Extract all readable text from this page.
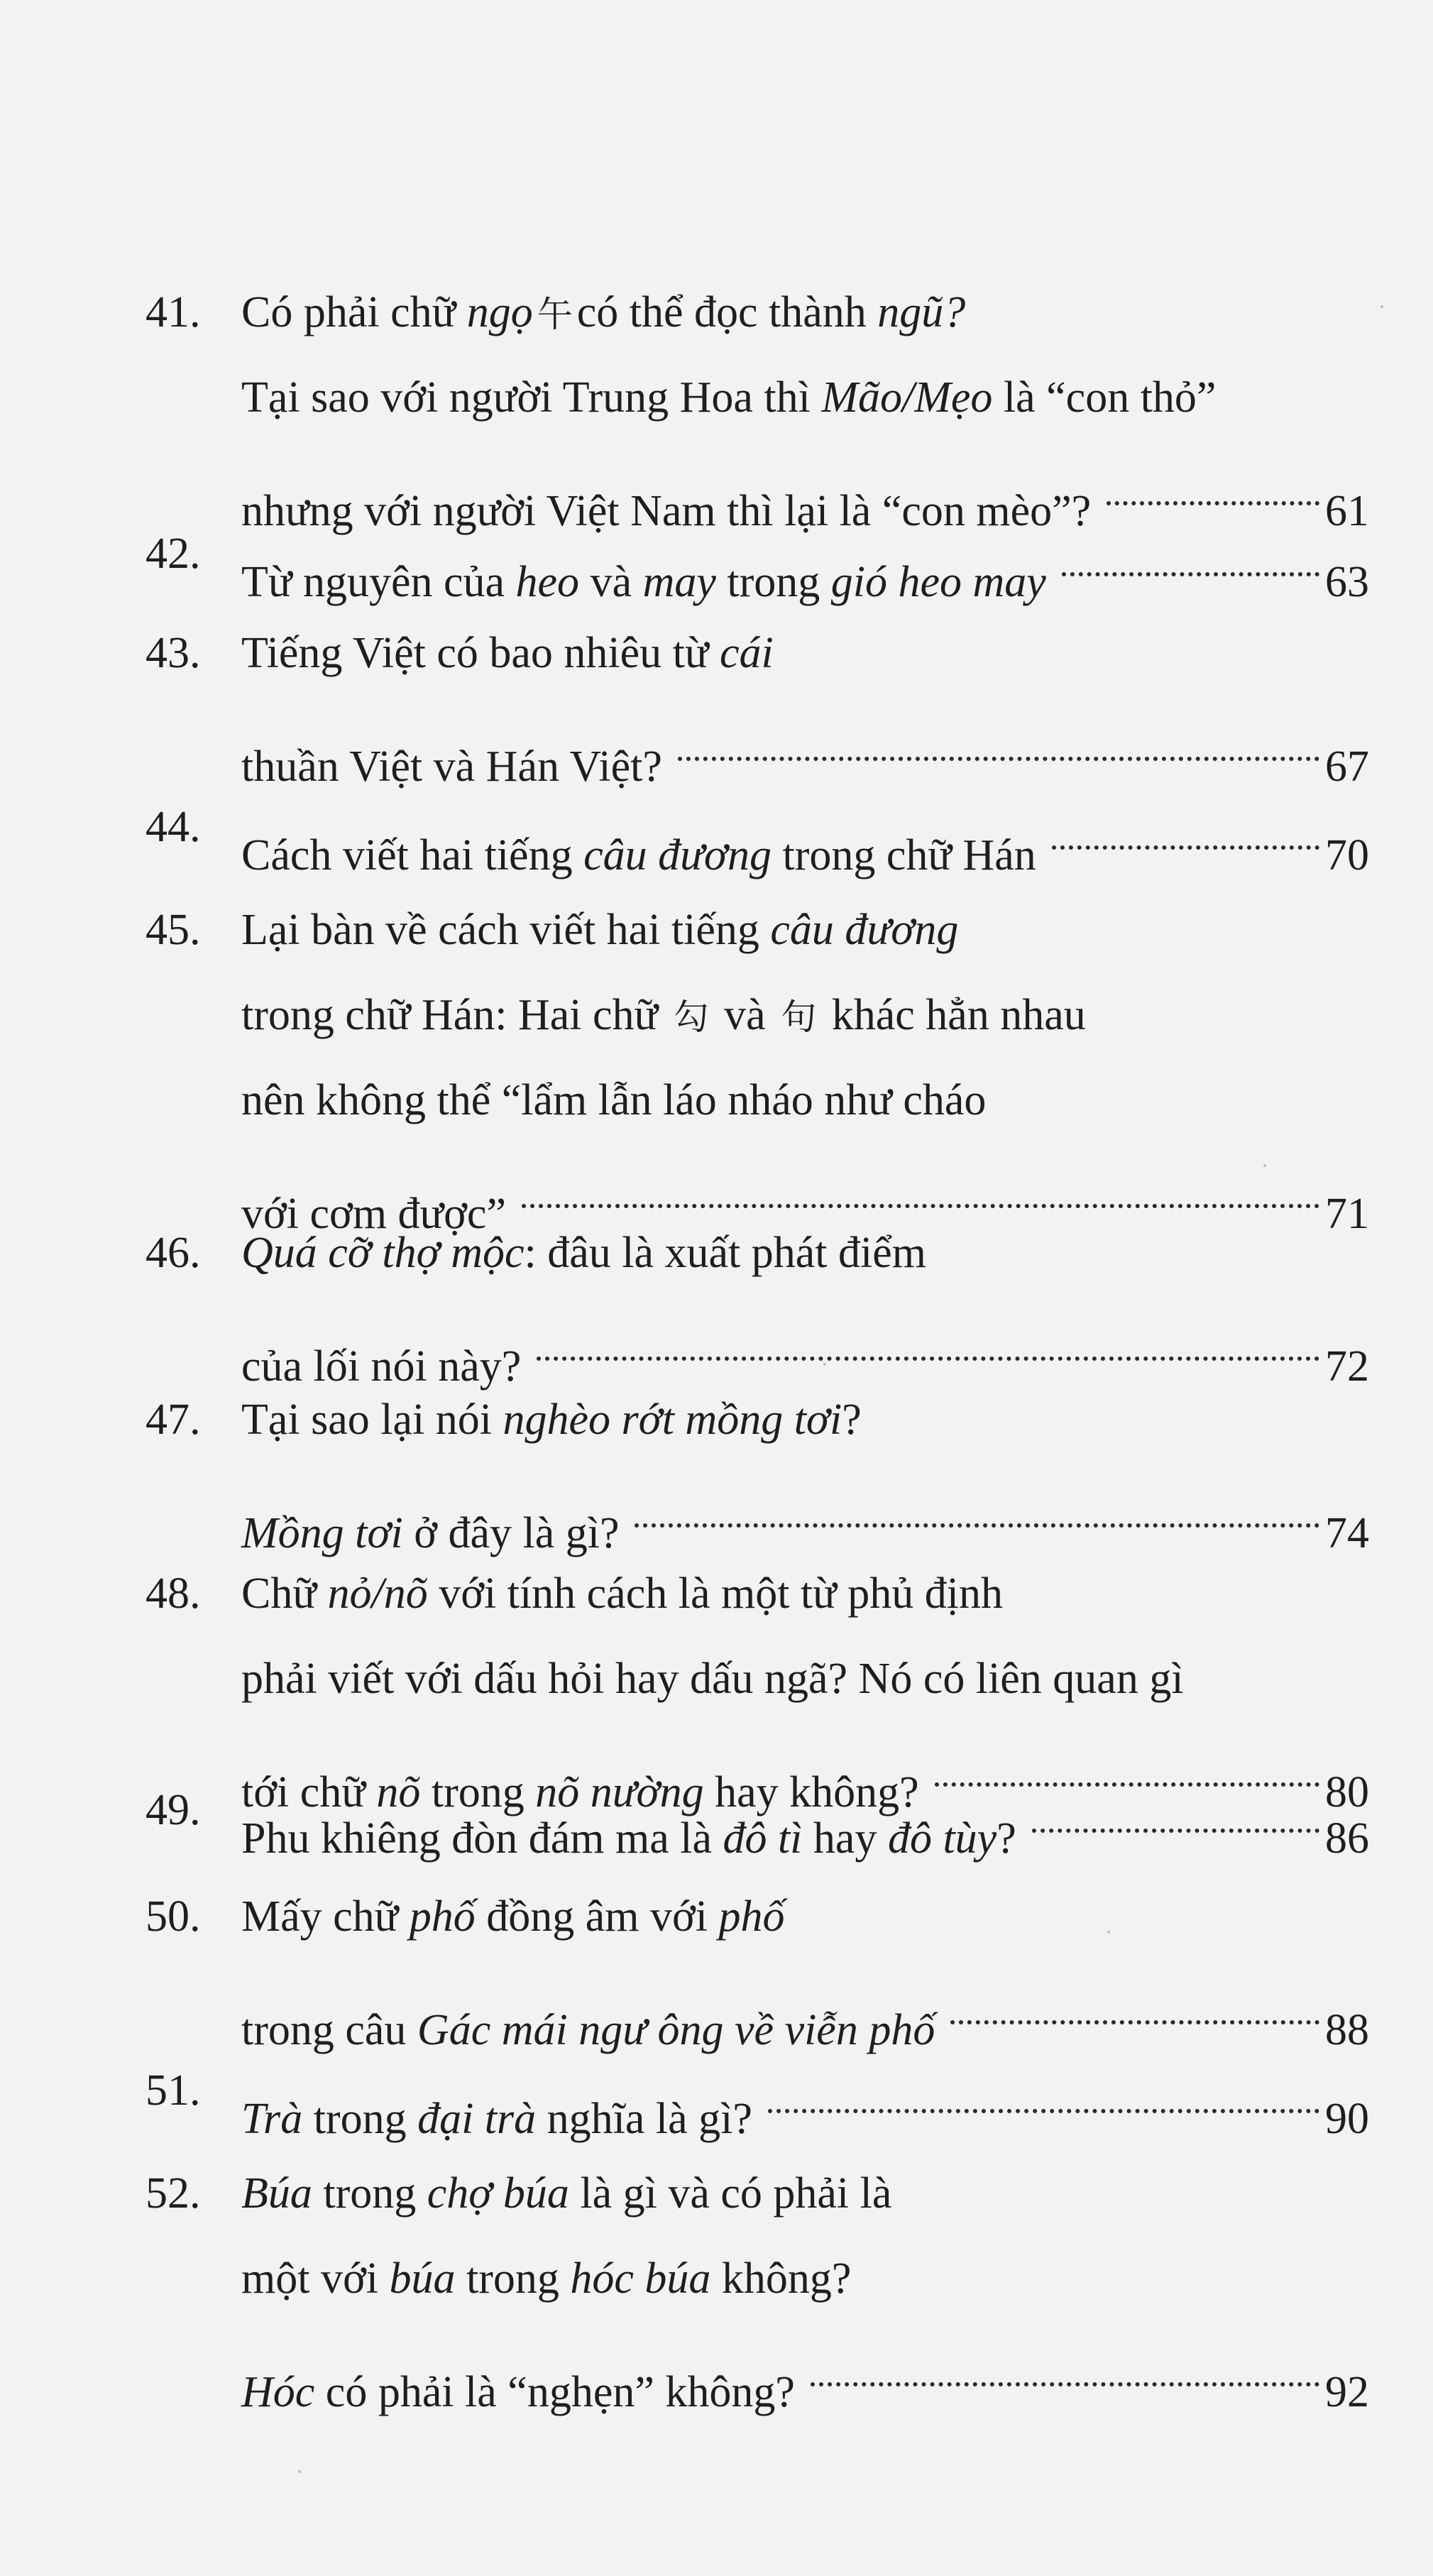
41. Có phải chữ ngọ 午có thể đọc thành ngũ?
Tại sao với người Trung Hoa thì Mão/Mẹo là “con thỏ”
nhưng với người Việt Nam thì lại là “con mèo”?	61
42.
Từ nguyên của heo và may trong gió heo may	63
43. Tiếng Việt có bao nhiêu từ cái
thuần Việt và Hán Việt?	67
44.
Cách viết hai tiếng câu đương trong chữ Hán	70
45. Lại bàn về cách viết hai tiếng câu đương
trong chữ Hán: Hai chữ 勾 và 句 khác hẳn nhau
nên không thể “lẩm lẫn láo nháo như cháo
với cơm được”	71
46. Quá cỡ thợ mộc: đâu là xuất phát điểm
của lối nói này?	72
47. Tại sao lại nói nghèo rớt mồng tơi?
Mồng tơi ở đây là gì?	74
48. Chữ nỏ/nõ với tính cách là một từ phủ định
phải viết với dấu hỏi hay dấu ngã? Nó có liên quan gì
tới chữ nõ trong nõ nường hay không?	80
49.
Phu khiêng đòn đám ma là đô tì hay đô tùy?	86
50. Mấy chữ phố đồng âm với phố
trong câu Gác mái ngư ông về viễn phố	88
51.
Trà trong đại trà nghĩa là gì?	90
52. Búa trong chợ búa là gì và có phải là
một với búa trong hóc búa không?
Hóc có phải là “nghẹn” không?	92
